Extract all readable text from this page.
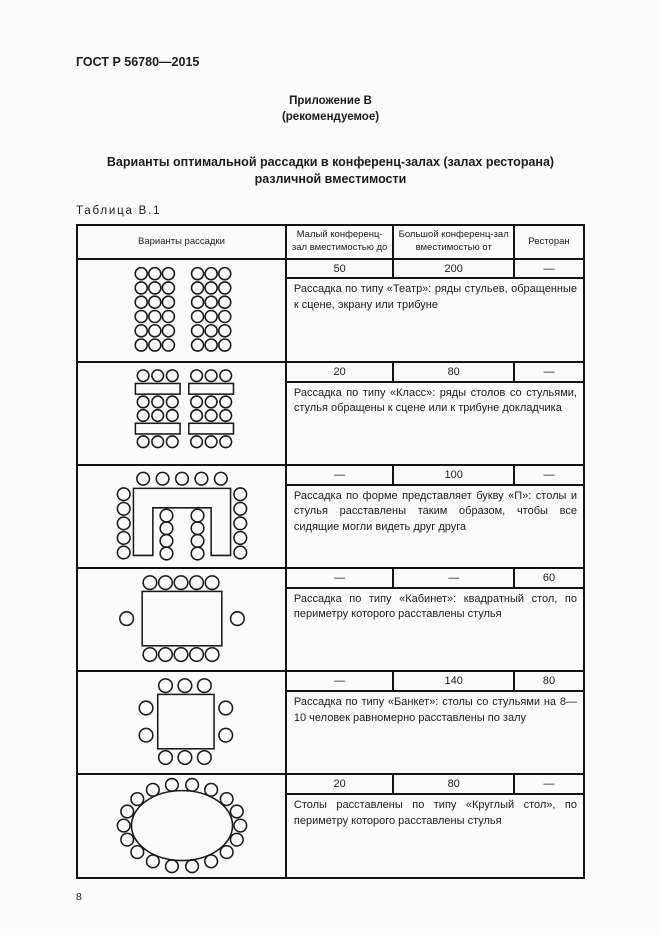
ГОСТ Р 56780—2015
Приложение В
(рекомендуемое)
Варианты оптимальной рассадки в конференц-залах (залах ресторана)
различной вместимости
Таблица В.1
Варианты рассадки	Малый конференц-зал вместимостью до	Большой конференц-зал вместимостью от	Ресторан

	50	200	—
	Рассадка по типу «Театр»: ряды стульев, обращенные к сцене, экрану или трибуне		

	20	80	—
	Рассадка по типу «Класс»: ряды столов со стульями, стулья обращены к сцене или к трибуне докладчика		

	—	100	—
	Рассадка по форме представляет букву «П»: столы и стулья расставлены таким образом, чтобы все сидящие могли видеть друг друга		

	—	—	60
	Рассадка по типу «Кабинет»: квадратный стол, по периметру которого расставлены стулья		

	—	140	80
	Рассадка по типу «Банкет»: столы со стульями на 8—10 человек равномерно расставлены по залу		

	20	80	—
	Столы расставлены по типу «Круглый стол», по периметру которого расставлены стулья		
8
